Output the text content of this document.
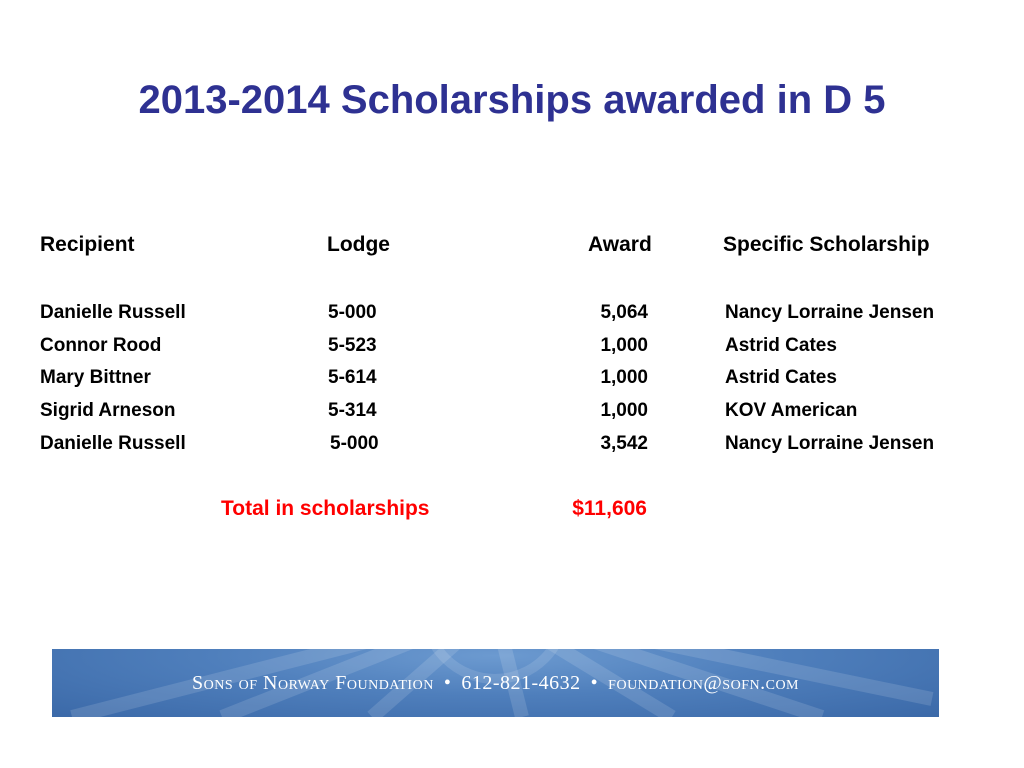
2013-2014 Scholarships awarded in D 5
Recipient	Lodge	Award	Specific Scholarship
Danielle Russell	5-000	5,064	Nancy Lorraine Jensen
Connor Rood	5-523	1,000	Astrid Cates
Mary Bittner	5-614	1,000	Astrid Cates
Sigrid Arneson	5-314	1,000	KOV American
Danielle Russell	5-000	3,542	Nancy Lorraine Jensen
Total in scholarships	$11,606
Sons of Norway Foundation • 612-821-4632 • foundation@sofn.com
